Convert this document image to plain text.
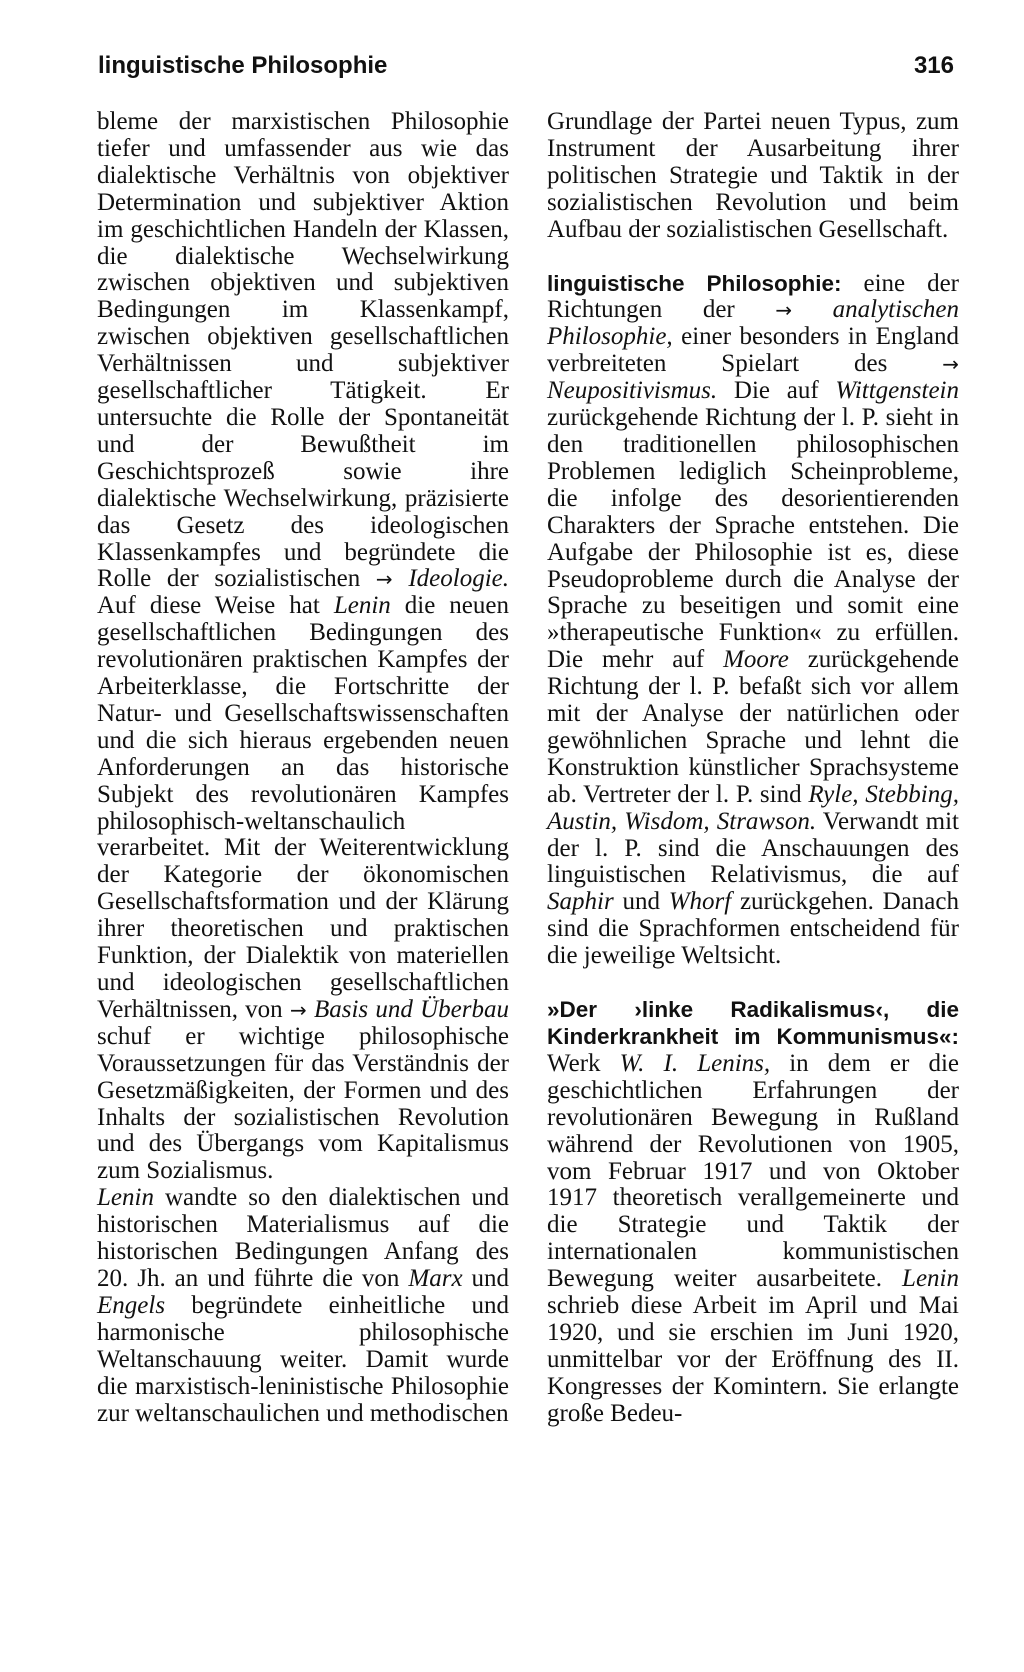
linguistische Philosophie	316

bleme der marxistischen Philosophie tiefer und umfassender aus wie das dialektische Verhältnis von objektiver Determination und subjektiver Aktion im geschichtlichen Handeln der Klassen, die dialektische Wechselwirkung zwischen objektiven und subjektiven Bedingungen im Klassenkampf, zwischen objektiven gesellschaftlichen Verhältnissen und subjektiver gesellschaftlicher Tätigkeit. Er untersuchte die Rolle der Spontaneität und der Bewußtheit im Geschichtsprozeß sowie ihre dialektische Wechselwirkung, präzisierte das Gesetz des ideologischen Klassenkampfes und begründete die Rolle der sozialistischen → Ideologie. Auf diese Weise hat Lenin die neuen gesellschaftlichen Bedingungen des revolutionären praktischen Kampfes der Arbeiterklasse, die Fortschritte der Natur- und Gesellschaftswissenschaften und die sich hieraus ergebenden neuen Anforderungen an das historische Subjekt des revolutionären Kampfes philosophisch-weltanschaulich verarbeitet. Mit der Weiterentwicklung der Kategorie der ökonomischen Gesellschaftsformation und der Klärung ihrer theoretischen und praktischen Funktion, der Dialektik von materiellen und ideologischen gesellschaftlichen Verhältnissen, von → Basis und Überbau schuf er wichtige philosophische Voraussetzungen für das Verständnis der Gesetzmäßigkeiten, der Formen und des Inhalts der sozialistischen Revolution und des Übergangs vom Kapitalismus zum Sozialismus.

Lenin wandte so den dialektischen und historischen Materialismus auf die historischen Bedingungen Anfang des 20. Jh. an und führte die von Marx und Engels begründete einheitliche und harmonische philosophische Weltanschauung weiter. Damit wurde die marxistisch-leninistische Philosophie zur weltanschaulichen und methodischen

Grundlage der Partei neuen Typus, zum Instrument der Ausarbeitung ihrer politischen Strategie und Taktik in der sozialistischen Revolution und beim Aufbau der sozialistischen Gesellschaft.

linguistische Philosophie: eine der Richtungen der → analytischen Philosophie, einer besonders in England verbreiteten Spielart des	→ Neupositivismus. Die auf Wittgenstein zurückgehende Richtung der l. P. sieht in den traditionellen philosophischen Problemen lediglich Scheinprobleme, die infolge des desorientierenden Charakters der Sprache entstehen. Die Aufgabe der Philosophie ist es, diese Pseudoprobleme durch die Analyse der Sprache zu beseitigen und somit eine »therapeutische Funktion« zu erfüllen. Die mehr auf Moore zurückgehende Richtung der l. P. befaßt sich vor allem mit der Analyse der natürlichen oder gewöhnlichen Sprache und lehnt die Konstruktion künstlicher Sprachsysteme ab. Vertreter der l. P. sind Ryle, Stebbing, Austin, Wisdom, Strawson. Verwandt mit der l. P. sind die Anschauungen des linguistischen Relativismus, die auf Saphir und Whorf zurückgehen. Danach sind die Sprachformen entscheidend für die jeweilige Weltsicht.

»Der ›linke Radikalismus‹, die Kinderkrankheit im Kommunismus«: Werk W. I. Lenins, in dem er die geschichtlichen Erfahrungen der revolutionären Bewegung in Rußland während der Revolutionen von 1905, vom Februar 1917 und von Oktober 1917 theoretisch verallgemeinerte und die Strategie und Taktik der internationalen kommunistischen Bewegung weiter ausarbeitete. Lenin schrieb diese Arbeit im April und Mai 1920, und sie erschien im Juni 1920, unmittelbar vor der Eröffnung des II. Kongresses der Komintern. Sie erlangte große Bedeu-
